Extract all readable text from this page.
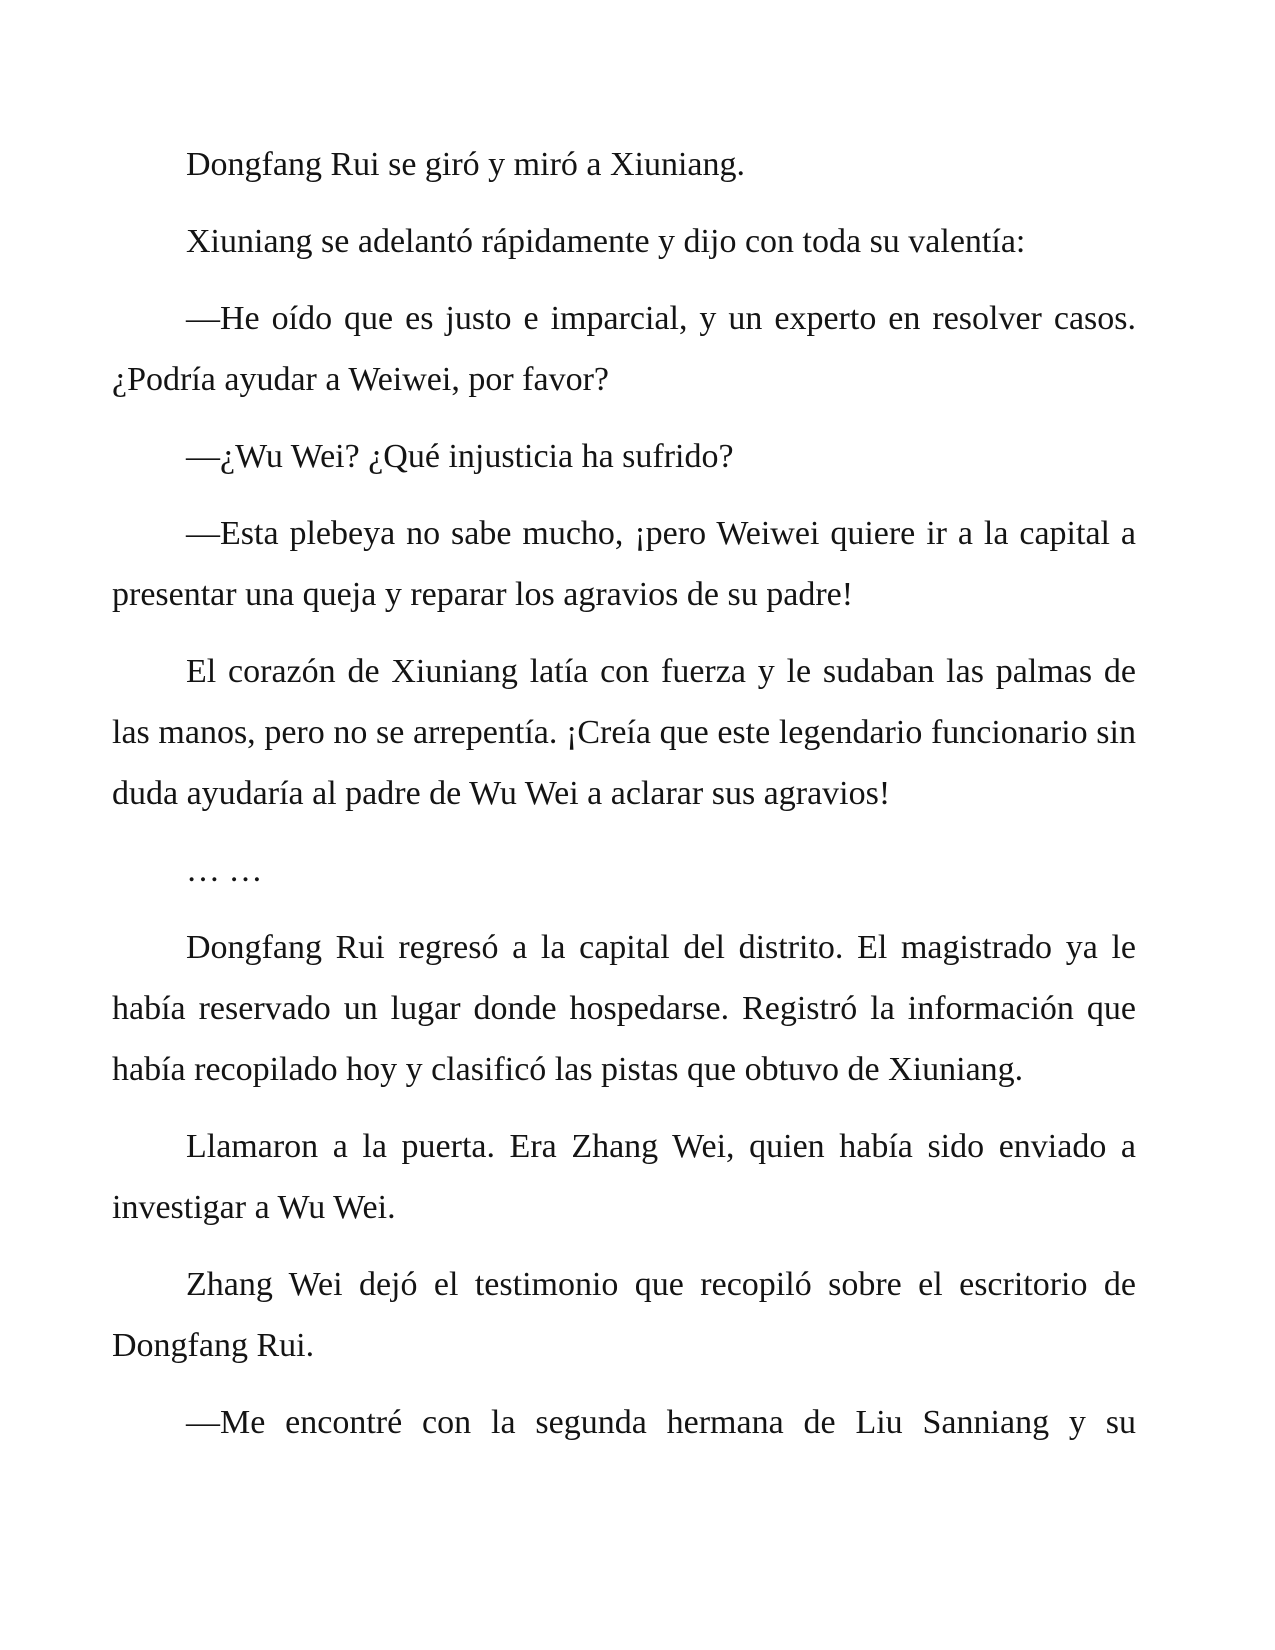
Dongfang Rui se giró y miró a Xiuniang.

Xiuniang se adelantó rápidamente y dijo con toda su valentía:

—He oído que es justo e imparcial, y un experto en resolver casos. ¿Podría ayudar a Weiwei, por favor?

—¿Wu Wei? ¿Qué injusticia ha sufrido?

—Esta plebeya no sabe mucho, ¡pero Weiwei quiere ir a la capital a presentar una queja y reparar los agravios de su padre!

El corazón de Xiuniang latía con fuerza y le sudaban las palmas de las manos, pero no se arrepentía. ¡Creía que este legendario funcionario sin duda ayudaría al padre de Wu Wei a aclarar sus agravios!

… …

Dongfang Rui regresó a la capital del distrito. El magistrado ya le había reservado un lugar donde hospedarse. Registró la información que había recopilado hoy y clasificó las pistas que obtuvo de Xiuniang.

Llamaron a la puerta. Era Zhang Wei, quien había sido enviado a investigar a Wu Wei.

Zhang Wei dejó el testimonio que recopiló sobre el escritorio de Dongfang Rui.

—Me encontré con la segunda hermana de Liu Sanniang y su
